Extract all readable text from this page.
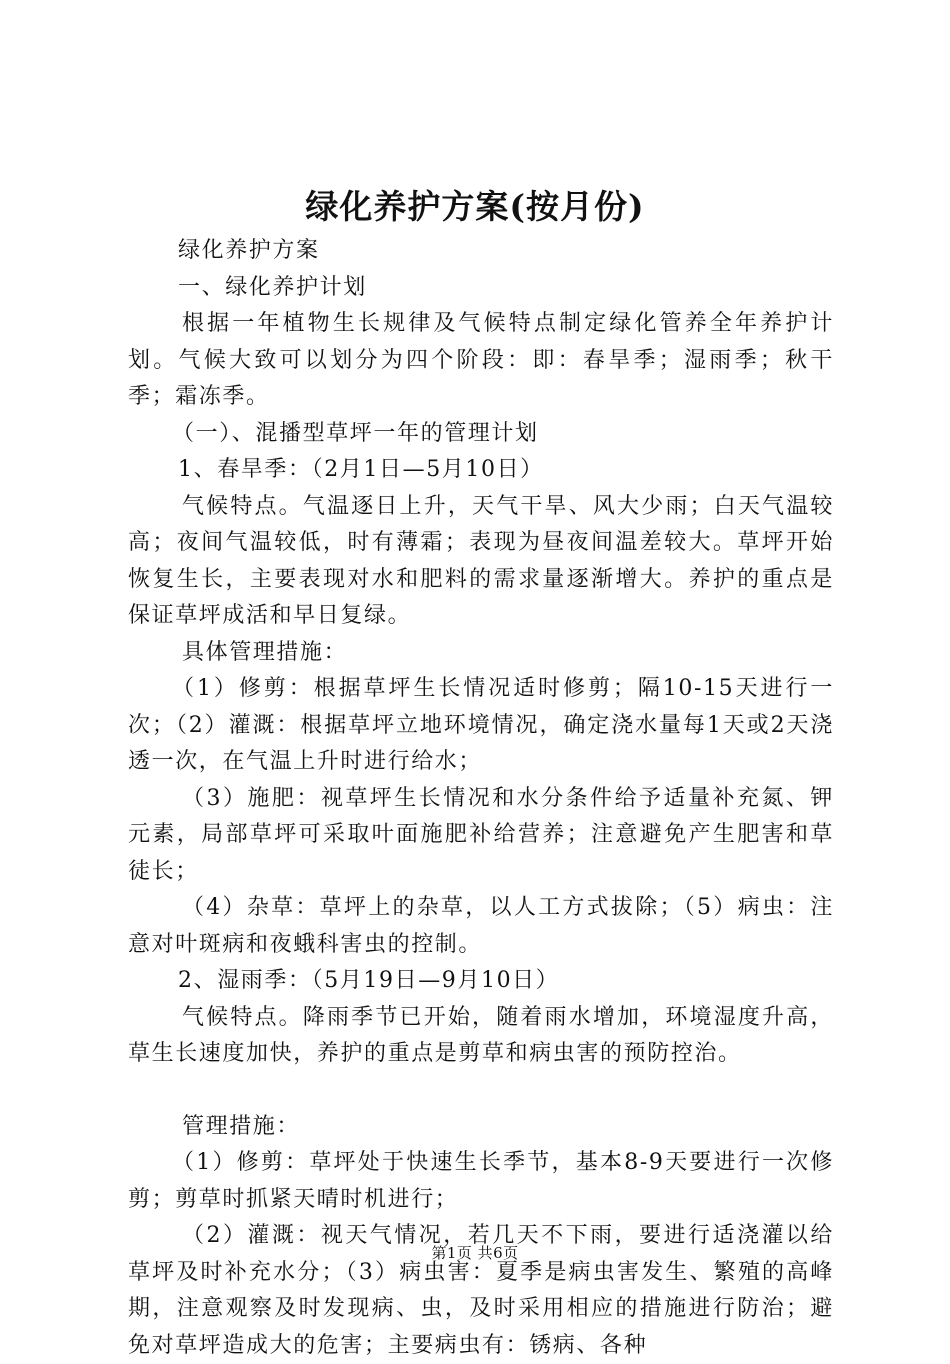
绿化养护方案(按月份)

绿化养护方案

一、绿化养护计划

根据一年植物生长规律及气候特点制定绿化管养全年养护计划。气候大致可以划分为四个阶段：即：春旱季；湿雨季；秋干季；霜冻季。

（一）、混播型草坪一年的管理计划

1、春旱季：（2月1日—5月10日）

气候特点。气温逐日上升，天气干旱、风大少雨；白天气温较高；夜间气温较低，时有薄霜；表现为昼夜间温差较大。草坪开始恢复生长，主要表现对水和肥料的需求量逐渐增大。养护的重点是保证草坪成活和早日复绿。

具体管理措施：

（1）修剪：根据草坪生长情况适时修剪；隔10-15天进行一次；（2）灌溉：根据草坪立地环境情况，确定浇水量每1天或2天浇透一次，在气温上升时进行给水；

（3）施肥：视草坪生长情况和水分条件给予适量补充氮、钾元素，局部草坪可采取叶面施肥补给营养；注意避免产生肥害和草徒长；

（4）杂草：草坪上的杂草，以人工方式拔除；（5）病虫：注意对叶斑病和夜蛾科害虫的控制。

2、湿雨季：（5月19日—9月10日）

气候特点。降雨季节已开始，随着雨水增加，环境湿度升高，草生长速度加快，养护的重点是剪草和病虫害的预防控治。

管理措施：

（1）修剪：草坪处于快速生长季节，基本8-9天要进行一次修剪；剪草时抓紧天晴时机进行；

（2）灌溉：视天气情况，若几天不下雨，要进行适浇灌以给草坪及时补充水分；（3）病虫害：夏季是病虫害发生、繁殖的高峰期，注意观察及时发现病、虫，及时采用相应的措施进行防治；避免对草坪造成大的危害；主要病虫有：锈病、各种

第1页 共6页
